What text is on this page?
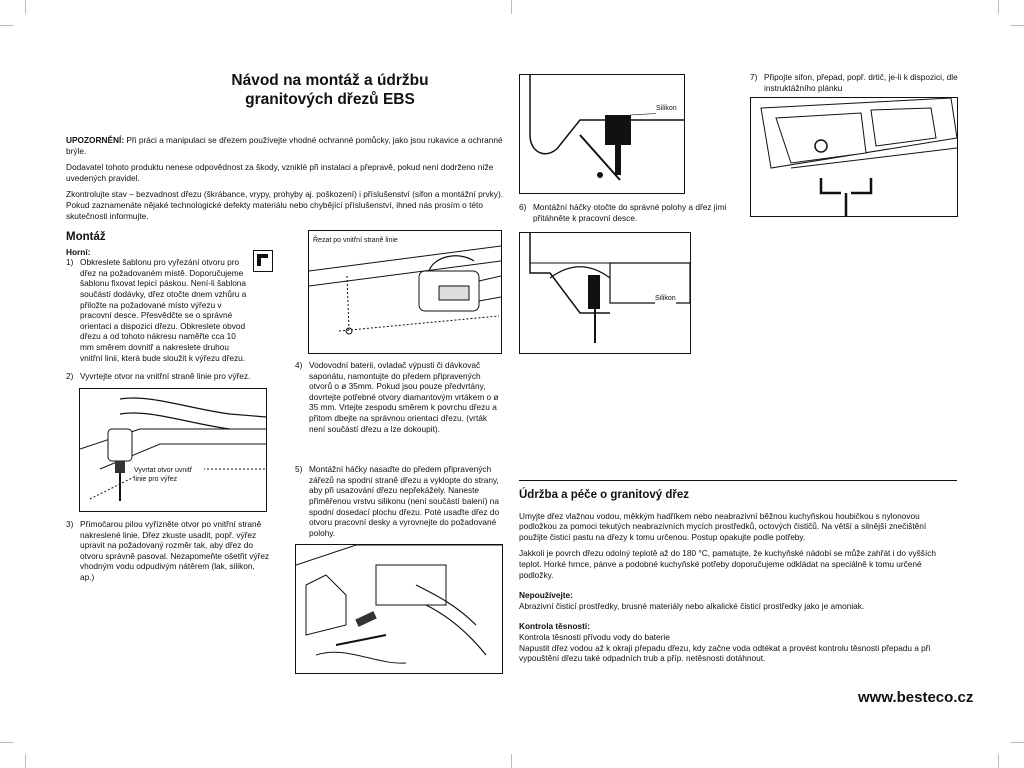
Návod na montáž a údržbu
granitových dřezů EBS

UPOZORNĚNÍ: Při práci a manipulaci se dřezem používejte vhodné ochranné pomůcky, jako jsou rukavice a ochranné brýle.

Dodavatel tohoto produktu nenese odpovědnost za škody, vzniklé při instalaci a přepravě, pokud není dodrženo níže uvedených pravidel.

Zkontrolujte stav – bezvadnost dřezu (škrábance, vrypy, prohyby aj. poškození) i příslušenství (sifon a montážní prvky). Pokud zaznamenáte nějaké technologické defekty materiálu nebo chybějící příslušenství, ihned nás prosím o této skutečnosti informujte.

Montáž
Horní:
1) Obkreslete šablonu pro vyřezání otvoru pro dřez na požadovaném místě. Doporučujeme šablonu fixovat lepicí páskou. Není-li šablona součástí dodávky, dřez otočte dnem vzhůru a přiložte na požadované místo výřezu v pracovní desce. Přesvědčte se o správné orientaci a dispozici dřezu. Obkreslete obvod dřezu a od tohoto nákresu naměřte cca 10 mm směrem dovnitř a nakreslete druhou vnitřní linii, která bude sloužit k výřezu dřezu.
2) Vyvrtejte otvor na vnitřní straně linie pro výřez.
Vyvrtat otvor uvnitř linie pro výřez
3) Přímočarou pilou vyřízněte otvor po vnitřní straně nakreslené linie. Dřez zkuste usadit, popř. výřez upravit na požadovaný rozměr tak, aby dřez do otvoru správně pasoval. Nezapomeňte ošetřit výřez vhodným vodu odpudivým nátěrem (lak, silikon, ap.)
Řezat po vnitřní straně linie
4) Vodovodní baterii, ovladač výpusti či dávkovač saponátu, namontujte do předem připravených otvorů o ø 35mm. Pokud jsou pouze předvrtány, dovrtejte potřebné otvory diamantovým vrtákem o ø 35 mm. Vrtejte zespodu směrem k povrchu dřezu a přitom dbejte na správnou orientaci dřezu. (vrták není součástí dřezu a lze dokoupit).
5) Montážní háčky nasaďte do předem připravených zářezů na spodní straně dřezu a vyklopte do strany, aby při usazování dřezu nepřekážely. Naneste přiměřenou vrstvu silikonu (není součástí balení) na spodní dosedací plochu dřezu. Poté usaďte dřez do otvoru pracovní desky a vyrovnejte do požadované polohy.
Silikon
6) Montážní háčky otočte do správné polohy a dřez jimi přitáhněte k pracovní desce.
Silikon
7) Připojte sifon, přepad, popř. drtič, je-li k dispozici, dle instruktážního plánku
Údržba a péče o granitový dřez

Umyjte dřez vlažnou vodou, měkkým hadříkem nebo neabrazivní běžnou kuchyňskou houbičkou s nylonovou podložkou za pomoci tekutých neabrazivních mycích prostředků, octových čističů. Na větší a silnější znečištění použijte čisticí pastu na dřezy k tomu určenou. Postup opakujte podle potřeby.

Jakkoli je povrch dřezu odolný teplotě až do 180 °C, pamatujte, že kuchyňské nádobí se může zahřát i do vyšších teplot. Horké hrnce, pánve a podobné kuchyňské potřeby doporučujeme odkládat na speciálně k tomu určené podložky.

Nepoužívejte:

Abrazivní čisticí prostředky, brusné materiály nebo alkalické čisticí prostředky jako je amoniak.

Kontrola těsnosti:
Kontrola těsnosti přívodu vody do baterie
Napustit dřez vodou až k okraji přepadu dřezu, kdy začne voda odtékat a provést kontrolu těsnosti přepadu a při vypouštění dřezu také odpadních trub a příp. netěsnosti dotáhnout.
www.besteco.cz
